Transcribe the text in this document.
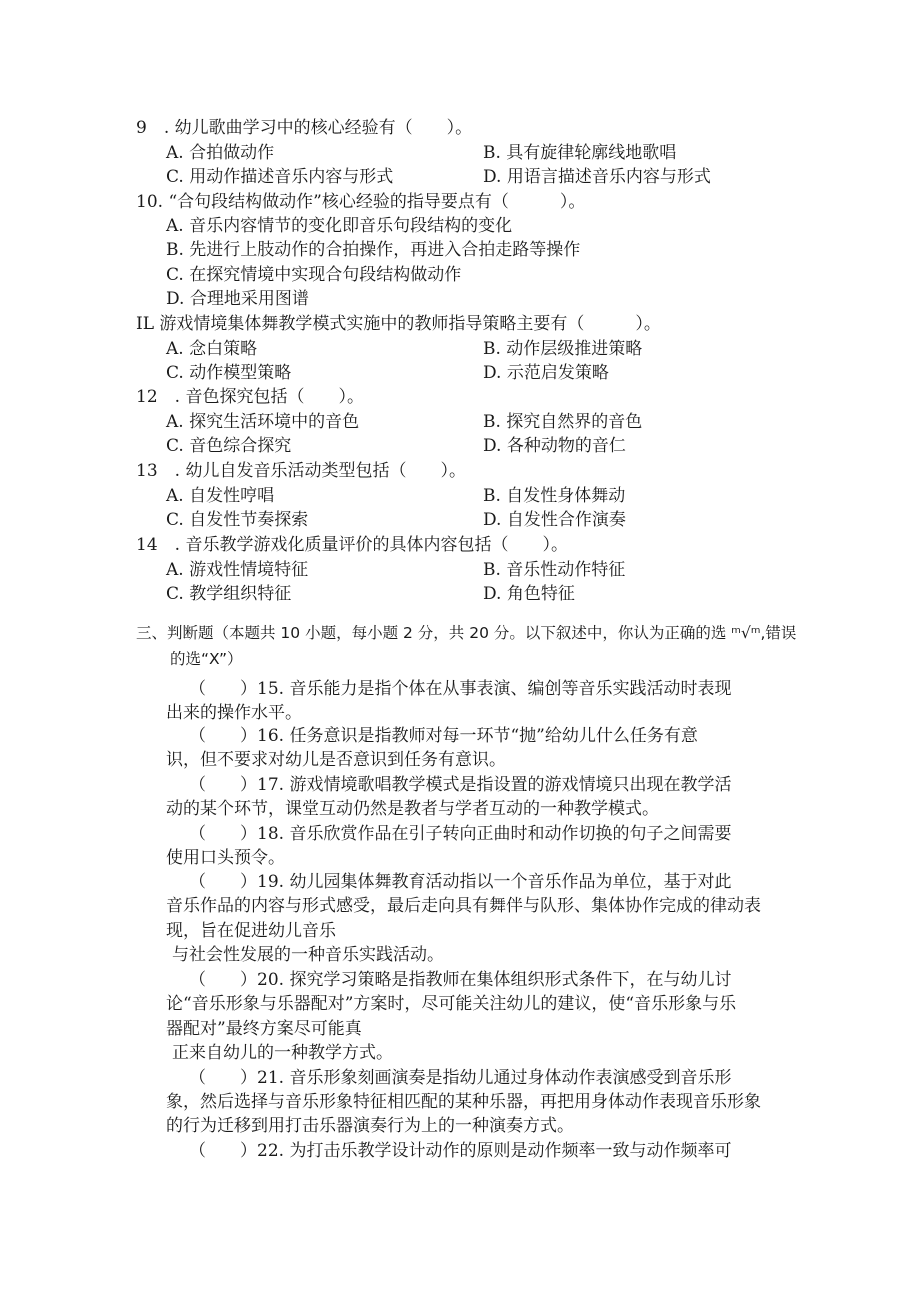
9　. 幼儿歌曲学习中的核心经验有（　　）。
A. 合拍做动作	B. 具有旋律轮廓线地歌唱
C. 用动作描述音乐内容与形式	D. 用语言描述音乐内容与形式
10. “合句段结构做动作”核心经验的指导要点有（　　　）。
A. 音乐内容情节的变化即音乐句段结构的变化
B. 先进行上肢动作的合拍操作，再进入合拍走路等操作
C. 在探究情境中实现合句段结构做动作
D. 合理地采用图谱
IL 游戏情境集体舞教学模式实施中的教师指导策略主要有（　　　）。
A. 念白策略	B. 动作层级推进策略
C. 动作模型策略	D. 示范启发策略
12　. 音色探究包括（　　）。
A. 探究生活环境中的音色	B. 探究自然界的音色
C. 音色综合探究	D. 各种动物的音仁
13　. 幼儿自发音乐活动类型包括（　　）。
A. 自发性哼唱	B. 自发性身体舞动
C. 自发性节奏探索	D. 自发性合作演奏
14　. 音乐教学游戏化质量评价的具体内容包括（　　）。
A. 游戏性情境特征	B. 音乐性动作特征
C. 教学组织特征	D. 角色特征
三、判断题（本题共 10 小题，每小题 2 分，共 20 分。以下叙述中，你认为正确的选 ᵐ√ᵐ,错误
的选“X”）
（　　）15. 音乐能力是指个体在从事表演、编创等音乐实践活动时表现
出来的操作水平。
（　　）16. 任务意识是指教师对每一环节“抛”给幼儿什么任务有意
识，但不要求对幼儿是否意识到任务有意识。
（　　）17. 游戏情境歌唱教学模式是指设置的游戏情境只出现在教学活
动的某个环节，课堂互动仍然是教者与学者互动的一种教学模式。
（　　）18. 音乐欣赏作品在引子转向正曲时和动作切换的句子之间需要
使用口头预令。
（　　）19. 幼儿园集体舞教育活动指以一个音乐作品为单位，基于对此
音乐作品的内容与形式感受，最后走向具有舞伴与队形、集体协作完成的律动表
现，旨在促进幼儿音乐
与社会性发展的一种音乐实践活动。
（　　）20. 探究学习策略是指教师在集体组织形式条件下，在与幼儿讨
论“音乐形象与乐器配对”方案时，尽可能关注幼儿的建议，使“音乐形象与乐
器配对”最终方案尽可能真
正来自幼儿的一种教学方式。
（　　）21. 音乐形象刻画演奏是指幼儿通过身体动作表演感受到音乐形
象，然后选择与音乐形象特征相匹配的某种乐器，再把用身体动作表现音乐形象
的行为迁移到用打击乐器演奏行为上的一种演奏方式。
（　　）22. 为打击乐教学设计动作的原则是动作频率一致与动作频率可
